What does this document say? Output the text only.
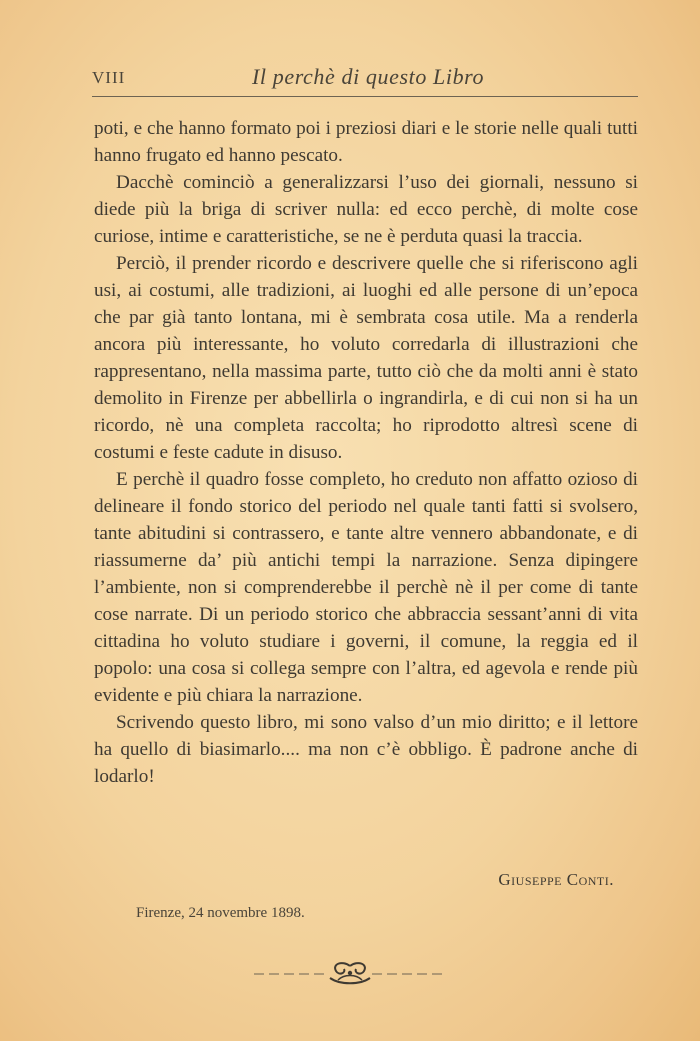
VIII	Il perchè di questo Libro

poti, e che hanno formato poi i preziosi diari e le storie nelle quali tutti hanno frugato ed hanno pescato.

Dacchè cominciò a generalizzarsi l’uso dei giornali, nessuno si diede più la briga di scriver nulla: ed ecco perchè, di molte cose curiose, intime e caratteristiche, se ne è perduta quasi la traccia.

Perciò, il prender ricordo e descrivere quelle che si riferiscono agli usi, ai costumi, alle tradizioni, ai luoghi ed alle persone di un’epoca che par già tanto lontana, mi è sembrata cosa utile. Ma a renderla ancora più interessante, ho voluto corredarla di illustrazioni che rappresentano, nella massima parte, tutto ciò che da molti anni è stato demolito in Firenze per abbellirla o ingrandirla, e di cui non si ha un ricordo, nè una completa raccolta; ho riprodotto altresì scene di costumi e feste cadute in disuso.

E perchè il quadro fosse completo, ho creduto non affatto ozioso di delineare il fondo storico del periodo nel quale tanti fatti si svolsero, tante abitudini si contrassero, e tante altre vennero abbandonate, e di riassumerne da’ più antichi tempi la narrazione. Senza dipingere l’ambiente, non si comprenderebbe il perchè nè il per come di tante cose narrate. Di un periodo storico che abbraccia sessant’anni di vita cittadina ho voluto studiare i governi, il comune, la reggia ed il popolo: una cosa si collega sempre con l’altra, ed agevola e rende più evidente e più chiara la narrazione.

Scrivendo questo libro, mi sono valso d’un mio diritto; e il lettore ha quello di biasimarlo.... ma non c’è obbligo. È padrone anche di lodarlo!

Giuseppe Conti.
Firenze, 24 novembre 1898.
